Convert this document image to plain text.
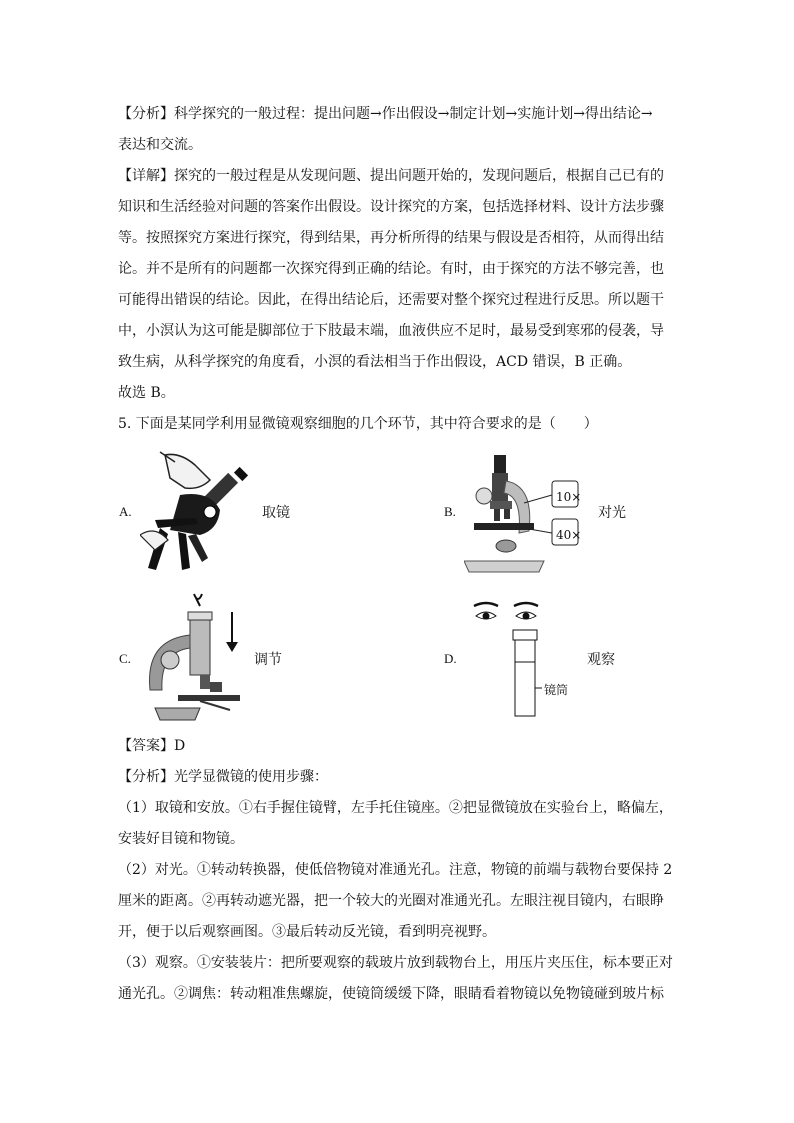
【分析】科学探究的一般过程：提出问题→作出假设→制定计划→实施计划→得出结论→
表达和交流。
【详解】探究的一般过程是从发现问题、提出问题开始的，发现问题后，根据自己已有的
知识和生活经验对问题的答案作出假设。设计探究的方案，包括选择材料、设计方法步骤
等。按照探究方案进行探究，得到结果，再分析所得的结果与假设是否相符，从而得出结
论。并不是所有的问题都一次探究得到正确的结论。有时，由于探究的方法不够完善，也
可能得出错误的结论。因此，在得出结论后，还需要对整个探究过程进行反思。所以题干
中，小溟认为这可能是脚部位于下肢最末端，血液供应不足时，最易受到寒邪的侵袭，导
致生病，从科学探究的角度看，小溟的看法相当于作出假设，ACD 错误，B 正确。
故选 B。
5. 下面是某同学利用显微镜观察细胞的几个环节，其中符合要求的是（　　）
A.	取镜	B.
10×
40×
对光
C.	调节	D.
镜筒
观察
【答案】D
【分析】光学显微镜的使用步骤：
（1）取镜和安放。①右手握住镜臂，左手托住镜座。②把显微镜放在实验台上，略偏左，
安装好目镜和物镜。
（2）对光。①转动转换器，使低倍物镜对准通光孔。注意，物镜的前端与载物台要保持 2
厘米的距离。②再转动遮光器，把一个较大的光圈对准通光孔。左眼注视目镜内，右眼睁
开，便于以后观察画图。③最后转动反光镜，看到明亮视野。
（3）观察。①安装装片：把所要观察的载玻片放到载物台上，用压片夹压住，标本要正对
通光孔。②调焦：转动粗准焦螺旋，使镜筒缓缓下降，眼睛看着物镜以免物镜碰到玻片标
